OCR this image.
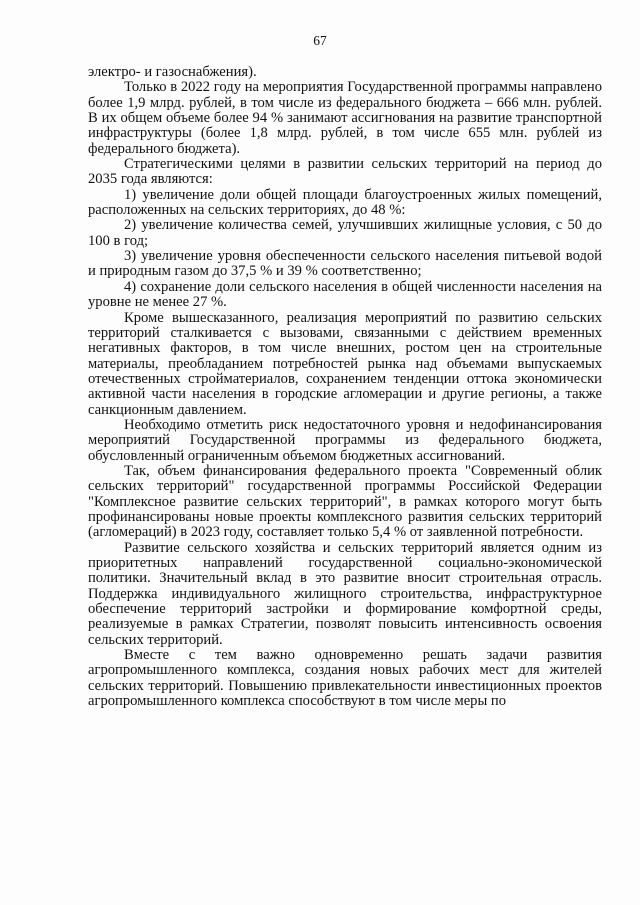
67

электро- и газоснабжения).

Только в 2022 году на мероприятия Государственной программы направлено более 1,9 млрд. рублей, в том числе из федерального бюджета – 666 млн. рублей. В их общем объеме более 94 % занимают ассигнования на развитие транспортной инфраструктуры (более 1,8 млрд. рублей, в том числе 655 млн. рублей из федерального бюджета).

Стратегическими целями в развитии сельских территорий на период до 2035 года являются:

1) увеличение доли общей площади благоустроенных жилых помещений, расположенных на сельских территориях, до 48 %:

2) увеличение количества семей, улучшивших жилищные условия, с 50 до 100 в год;

3) увеличение уровня обеспеченности сельского населения питьевой водой и природным газом до 37,5 % и 39 % соответственно;

4) сохранение доли сельского населения в общей численности населения на уровне не менее 27 %.

Кроме вышесказанного, реализация мероприятий по развитию сельских территорий сталкивается с вызовами, связанными с действием временных негативных факторов, в том числе внешних, ростом цен на строительные материалы, преобладанием потребностей рынка над объемами выпускаемых отечественных стройматериалов, сохранением тенденции оттока экономически активной части населения в городские агломерации и другие регионы, а также санкционным давлением.

Необходимо отметить риск недостаточного уровня и недофинансирования мероприятий Государственной программы из федерального бюджета, обусловленный ограниченным объемом бюджетных ассигнований.

Так, объем финансирования федерального проекта "Современный облик сельских территорий" государственной программы Российской Федерации "Комплексное развитие сельских территорий", в рамках которого могут быть профинансированы новые проекты комплексного развития сельских территорий (агломераций) в 2023 году, составляет только 5,4 % от заявленной потребности.

Развитие сельского хозяйства и сельских территорий является одним из приоритетных направлений государственной социально-экономической политики. Значительный вклад в это развитие вносит строительная отрасль. Поддержка индивидуального жилищного строительства, инфраструктурное обеспечение территорий застройки и формирование комфортной среды, реализуемые в рамках Стратегии, позволят повысить интенсивность освоения сельских территорий.

Вместе с тем важно одновременно решать задачи развития агропромышленного комплекса, создания новых рабочих мест для жителей сельских территорий. Повышению привлекательности инвестиционных проектов агропромышленного комплекса способствуют в том числе меры по
